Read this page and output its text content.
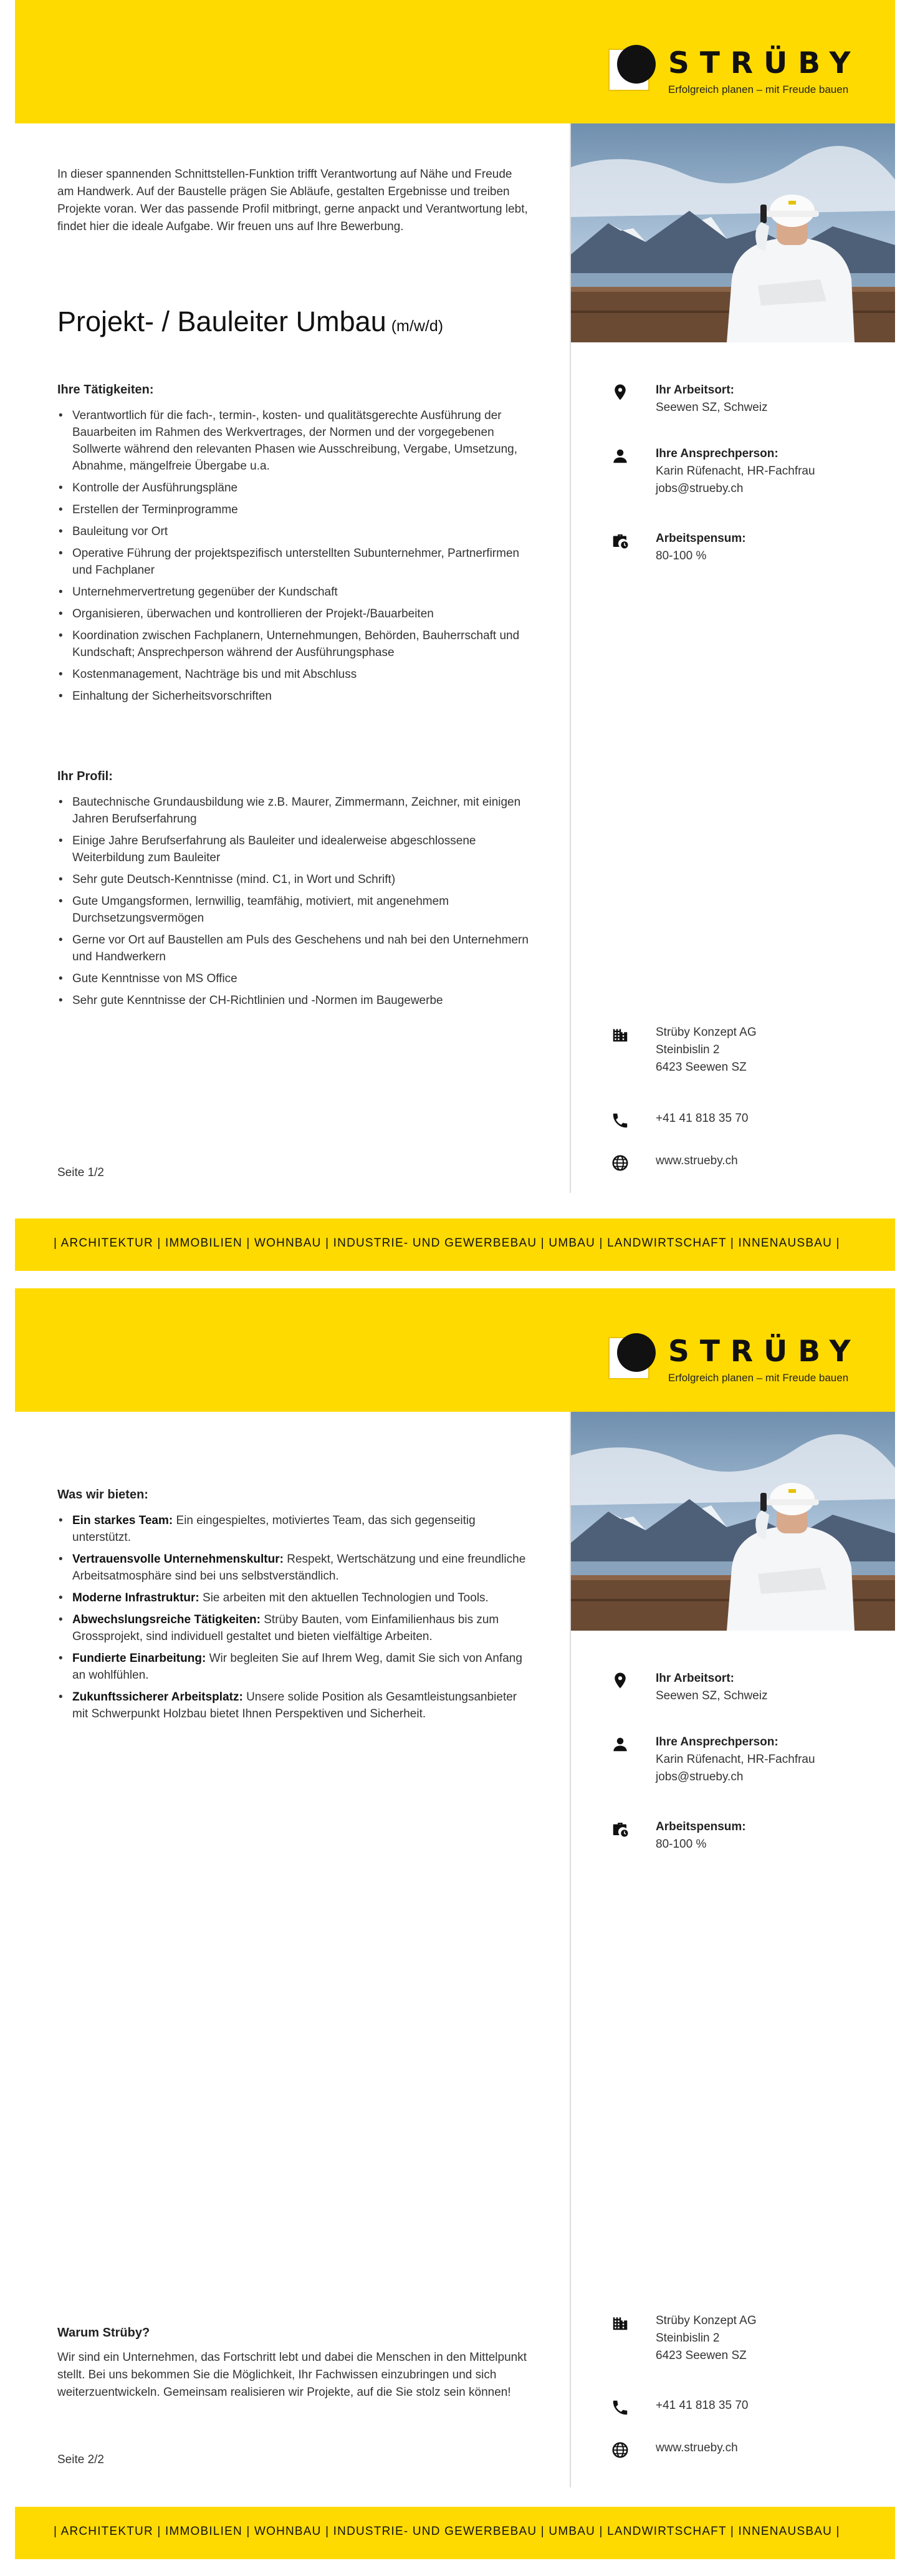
STRÜBY
Erfolgreich planen – mit Freude bauen

In dieser spannenden Schnittstellen-Funktion trifft Verantwortung auf Nähe und Freude am Handwerk. Auf der Baustelle prägen Sie Abläufe, gestalten Ergebnisse und treiben Projekte voran. Wer das passende Profil mitbringt, gerne anpackt und Verantwortung lebt, findet hier die ideale Aufgabe. Wir freuen uns auf Ihre Bewerbung.

Projekt- / Bauleiter Umbau (m/w/d)
Ihre Tätigkeiten:
• Verantwortlich für die fach-, termin-, kosten- und qualitätsgerechte Ausführung der Bauarbeiten im Rahmen des Werkvertrages, der Normen und der vorgegebenen Sollwerte während den relevanten Phasen wie Ausschreibung, Vergabe, Umsetzung, Abnahme, mängelfreie Übergabe u.a.
• Kontrolle der Ausführungspläne
• Erstellen der Terminprogramme
• Bauleitung vor Ort
• Operative Führung der projektspezifisch unterstellten Subunternehmer, Partnerfirmen und Fachplaner
• Unternehmervertretung gegenüber der Kundschaft
• Organisieren, überwachen und kontrollieren der Projekt-/Bauarbeiten
• Koordination zwischen Fachplanern, Unternehmungen, Behörden, Bauherrschaft und Kundschaft; Ansprechperson während der Ausführungsphase
• Kostenmanagement, Nachträge bis und mit Abschluss
• Einhaltung der Sicherheitsvorschriften
Ihr Profil:
• Bautechnische Grundausbildung wie z.B. Maurer, Zimmermann, Zeichner, mit einigen Jahren Berufserfahrung
• Einige Jahre Berufserfahrung als Bauleiter und idealerweise abgeschlossene Weiterbildung zum Bauleiter
• Sehr gute Deutsch-Kenntnisse (mind. C1, in Wort und Schrift)
• Gute Umgangsformen, lernwillig, teamfähig, motiviert, mit angenehmem Durchsetzungsvermögen
• Gerne vor Ort auf Baustellen am Puls des Geschehens und nah bei den Unternehmern und Handwerkern
• Gute Kenntnisse von MS Office
• Sehr gute Kenntnisse der CH-Richtlinien und -Normen im Baugewerbe
Seite 1/2
Ihr Arbeitsort:
Seewen SZ, Schweiz
Ihre Ansprechperson:
Karin Rüfenacht, HR-Fachfrau
jobs@strueby.ch
Arbeitspensum:
80-100 %
Strüby Konzept AG
Steinbislin 2
6423 Seewen SZ
+41 41 818 35 70
www.strueby.ch
| ARCHITEKTUR | IMMOBILIEN | WOHNBAU | INDUSTRIE- UND GEWERBEBAU | UMBAU | LANDWIRTSCHAFT | INNENAUSBAU |
STRÜBY
Erfolgreich planen – mit Freude bauen
Was wir bieten:
• Ein starkes Team: Ein eingespieltes, motiviertes Team, das sich gegenseitig unterstützt.
• Vertrauensvolle Unternehmenskultur: Respekt, Wertschätzung und eine freundliche Arbeitsatmosphäre sind bei uns selbstverständlich.
• Moderne Infrastruktur: Sie arbeiten mit den aktuellen Technologien und Tools.
• Abwechslungsreiche Tätigkeiten: Strüby Bauten, vom Einfamilienhaus bis zum Grossprojekt, sind individuell gestaltet und bieten vielfältige Arbeiten.
• Fundierte Einarbeitung: Wir begleiten Sie auf Ihrem Weg, damit Sie sich von Anfang an wohlfühlen.
• Zukunftssicherer Arbeitsplatz: Unsere solide Position als Gesamtleistungsanbieter mit Schwerpunkt Holzbau bietet Ihnen Perspektiven und Sicherheit.
Warum Strüby?

Wir sind ein Unternehmen, das Fortschritt lebt und dabei die Menschen in den Mittelpunkt stellt. Bei uns bekommen Sie die Möglichkeit, Ihr Fachwissen einzubringen und sich weiterzuentwickeln. Gemeinsam realisieren wir Projekte, auf die Sie stolz sein können!

Seite 2/2
Ihr Arbeitsort:
Seewen SZ, Schweiz
Ihre Ansprechperson:
Karin Rüfenacht, HR-Fachfrau
jobs@strueby.ch
Arbeitspensum:
80-100 %
Strüby Konzept AG
Steinbislin 2
6423 Seewen SZ
+41 41 818 35 70
www.strueby.ch
| ARCHITEKTUR | IMMOBILIEN | WOHNBAU | INDUSTRIE- UND GEWERBEBAU | UMBAU | LANDWIRTSCHAFT | INNENAUSBAU |
